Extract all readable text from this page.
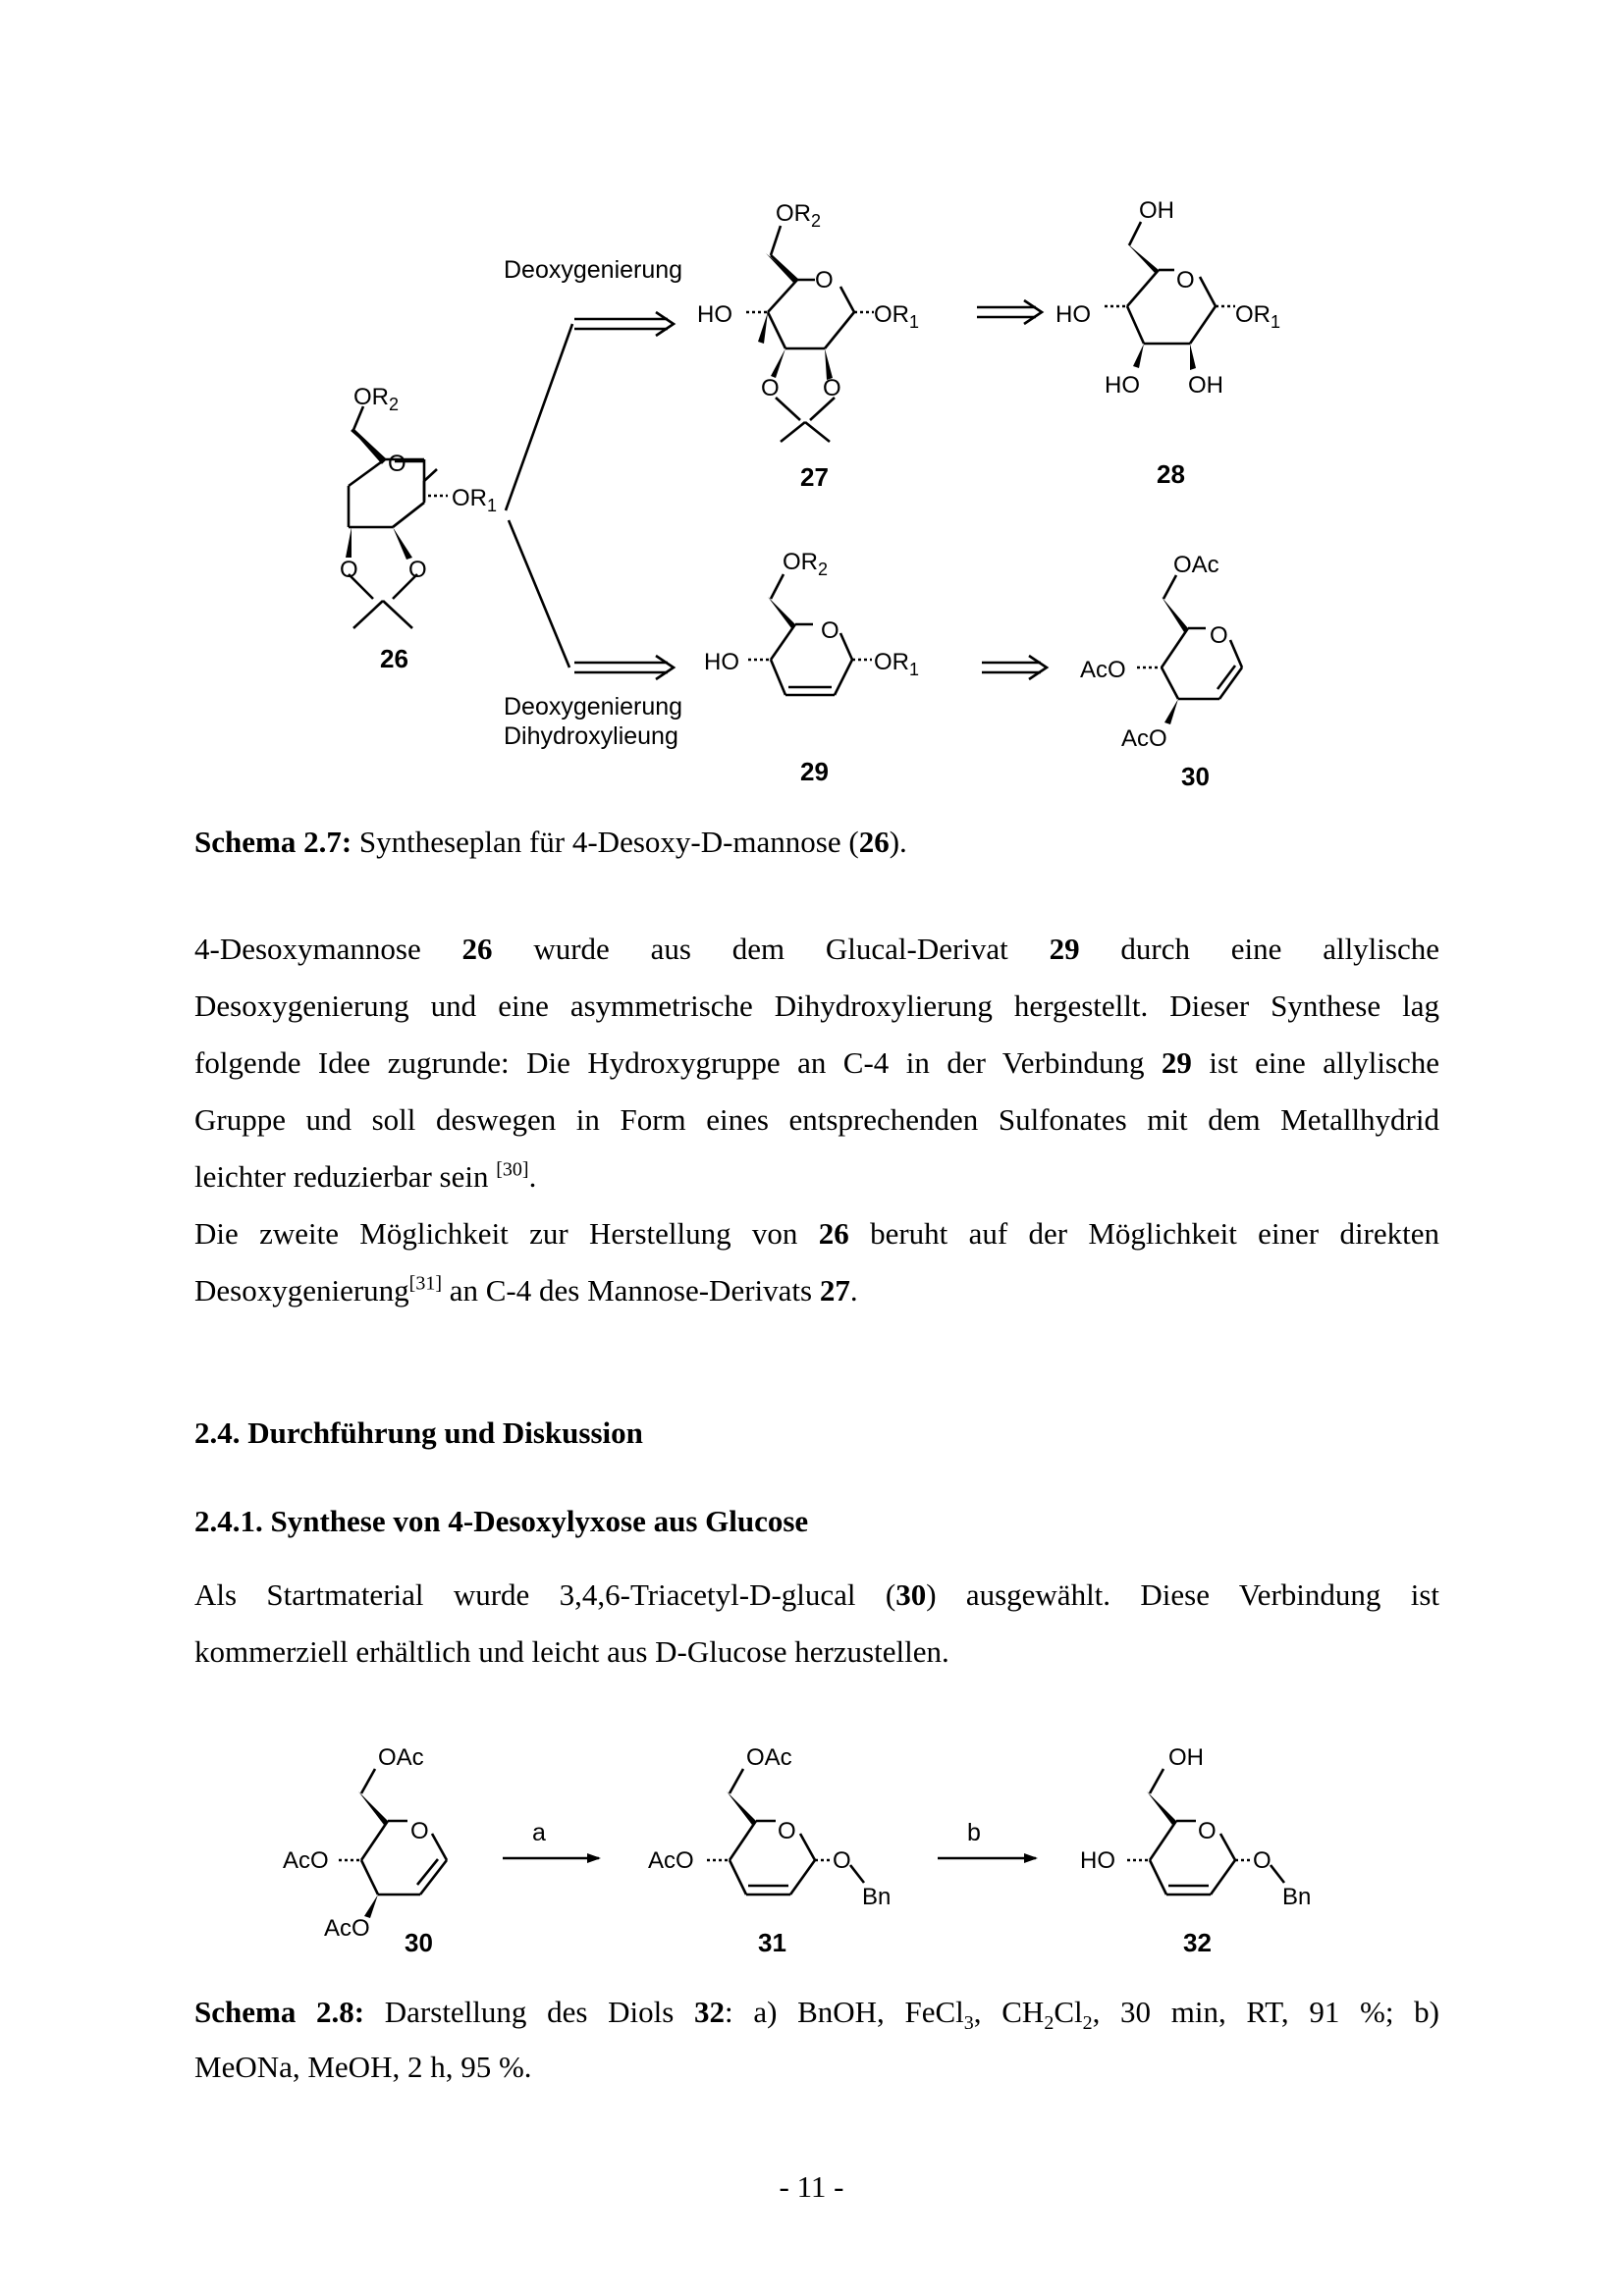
$OR_2$
O
$OR_1$
O O
26
Deoxygenierung
$OR_2$
O
HO	$OR_1$
O O
27
OH
O
HO	$OR_1$
HO OH
28
Deoxygenierung
Dihydroxylieung
$OR_2$
O
HO	$OR_1$
29
OAc
O
AcO
AcO
30

Schema 2.7: Syntheseplan für 4-Desoxy-D-mannose (26).

4-Desoxymannose 26 wurde aus dem Glucal-Derivat 29 durch eine allylische
Desoxygenierung und eine asymmetrische Dihydroxylierung hergestellt. Dieser Synthese lag
folgende Idee zugrunde: Die Hydroxygruppe an C-4 in der Verbindung 29 ist eine allylische
Gruppe und soll deswegen in Form eines entsprechenden Sulfonates mit dem Metallhydrid
leichter reduzierbar sein [30].
Die zweite Möglichkeit zur Herstellung von 26 beruht auf der Möglichkeit einer direkten
Desoxygenierung[31] an C-4 des Mannose-Derivats 27.
2.4. Durchführung und Diskussion
2.4.1. Synthese von 4-Desoxylyxose aus Glucose
Als Startmaterial wurde 3,4,6-Triacetyl-D-glucal (30) ausgewählt. Diese Verbindung ist
kommerziell erhältlich und leicht aus D-Glucose herzustellen.
OAc
O
AcO
AcO 30
a
OAc
O
AcO	O
Bn
31
b
OH
O
HO	O
Bn
32
Schema 2.8: Darstellung des Diols 32: a) BnOH, FeCl$_3$, $CH_2Cl_2$, 30 min, RT, 91 %; b)
MeONa, MeOH, 2 h, 95 %.
- 11 -
